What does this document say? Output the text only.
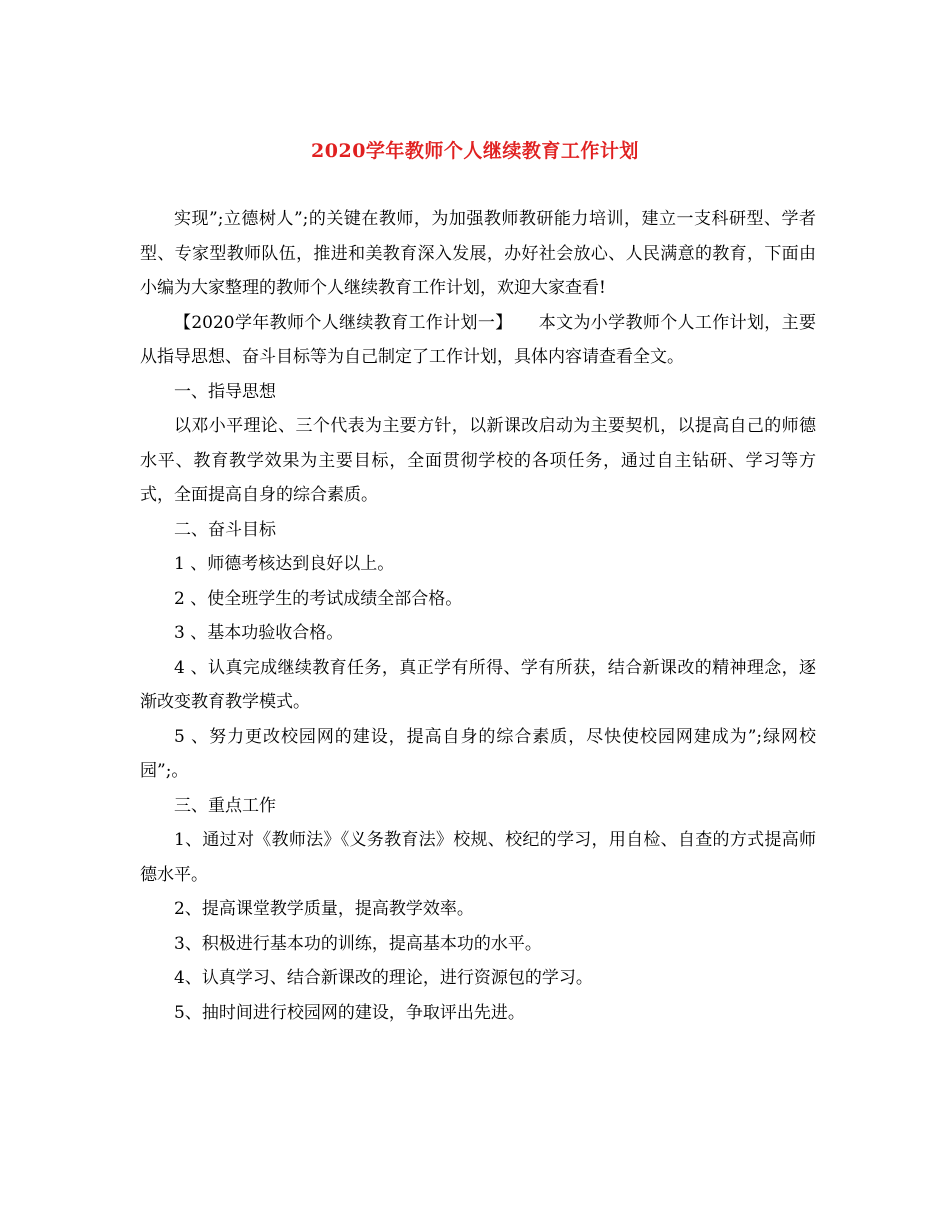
2020学年教师个人继续教育工作计划

实现”;立德树人”;的关键在教师，为加强教师教研能力培训，建立一支科研型、学者型、专家型教师队伍，推进和美教育深入发展，办好社会放心、人民满意的教育，下面由小编为大家整理的教师个人继续教育工作计划，欢迎大家查看!

【2020学年教师个人继续教育工作计划一】　　本文为小学教师个人工作计划，主要从指导思想、奋斗目标等为自己制定了工作计划，具体内容请查看全文。

一、指导思想

以邓小平理论、三个代表为主要方针，以新课改启动为主要契机，以提高自己的师德水平、教育教学效果为主要目标，全面贯彻学校的各项任务，通过自主钻研、学习等方式，全面提高自身的综合素质。

二、奋斗目标

1 、师德考核达到良好以上。

2 、使全班学生的考试成绩全部合格。

3 、基本功验收合格。

4 、认真完成继续教育任务，真正学有所得、学有所获，结合新课改的精神理念，逐渐改变教育教学模式。

5 、努力更改校园网的建设，提高自身的综合素质，尽快使校园网建成为”;绿网校园”;。

三、重点工作

1、通过对《教师法》《义务教育法》校规、校纪的学习，用自检、自查的方式提高师德水平。

2、提高课堂教学质量，提高教学效率。

3、积极进行基本功的训练，提高基本功的水平。

4、认真学习、结合新课改的理论，进行资源包的学习。

5、抽时间进行校园网的建设，争取评出先进。
